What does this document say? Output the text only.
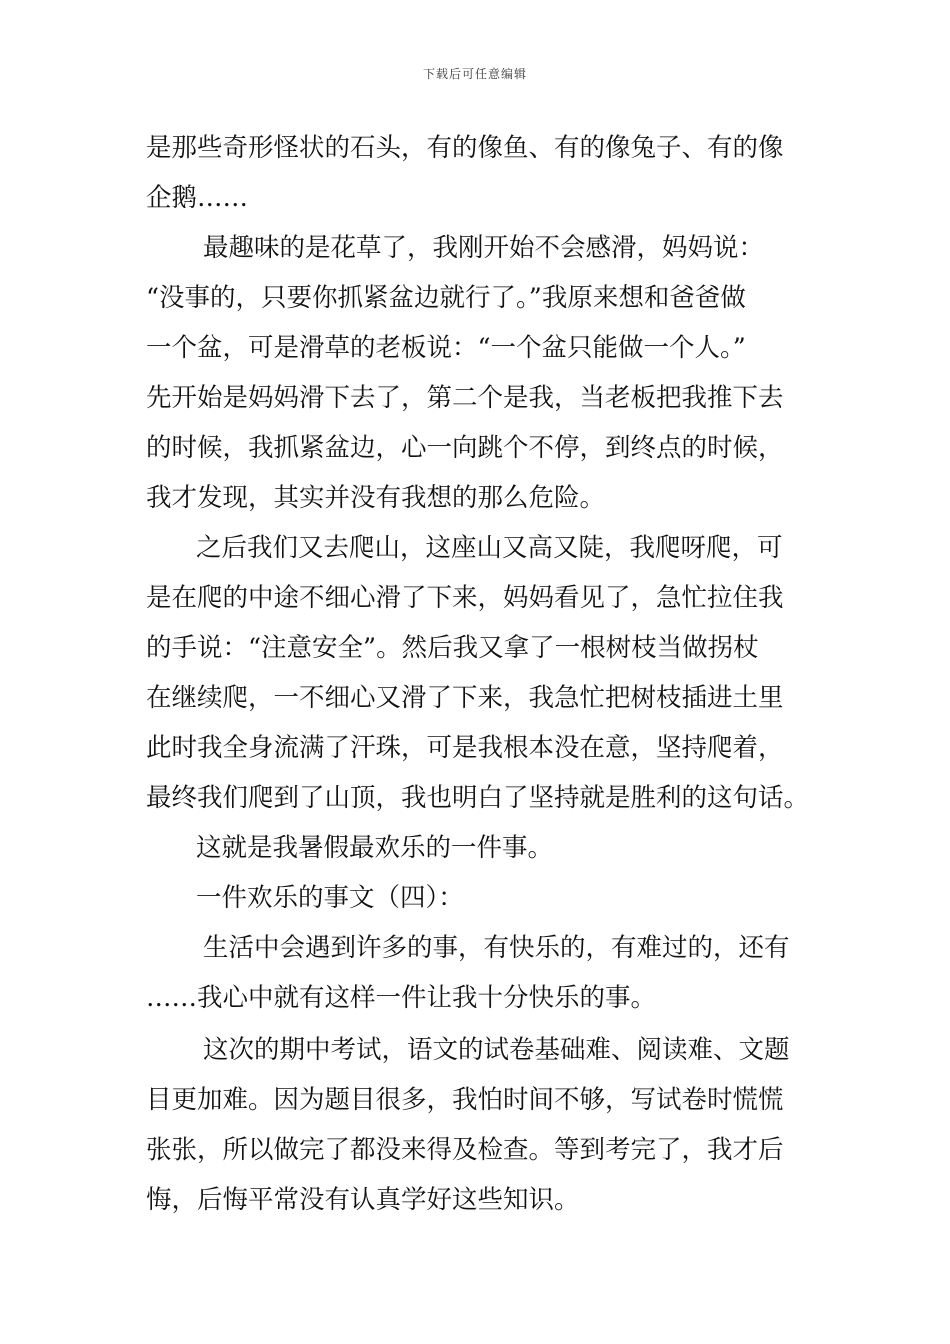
下载后可任意编辑
是那些奇形怪状的石头，有的像鱼、有的像兔子、有的像
企鹅……
最趣味的是花草了，我刚开始不会感滑，妈妈说：
“没事的，只要你抓紧盆边就行了。”我原来想和爸爸做
一个盆，可是滑草的老板说：“一个盆只能做一个人。”
先开始是妈妈滑下去了，第二个是我，当老板把我推下去
的时候，我抓紧盆边，心一向跳个不停，到终点的时候，
我才发现，其实并没有我想的那么危险。
之后我们又去爬山，这座山又高又陡，我爬呀爬，可
是在爬的中途不细心滑了下来，妈妈看见了，急忙拉住我
的手说：“注意安全”。然后我又拿了一根树枝当做拐杖
在继续爬，一不细心又滑了下来，我急忙把树枝插进土里
此时我全身流满了汗珠，可是我根本没在意，坚持爬着，
最终我们爬到了山顶，我也明白了坚持就是胜利的这句话。
这就是我暑假最欢乐的一件事。
一件欢乐的事文（四）：
生活中会遇到许多的事，有快乐的，有难过的，还有
……我心中就有这样一件让我十分快乐的事。
这次的期中考试，语文的试卷基础难、阅读难、文题
目更加难。因为题目很多，我怕时间不够，写试卷时慌慌
张张，所以做完了都没来得及检查。等到考完了，我才后
悔，后悔平常没有认真学好这些知识。
